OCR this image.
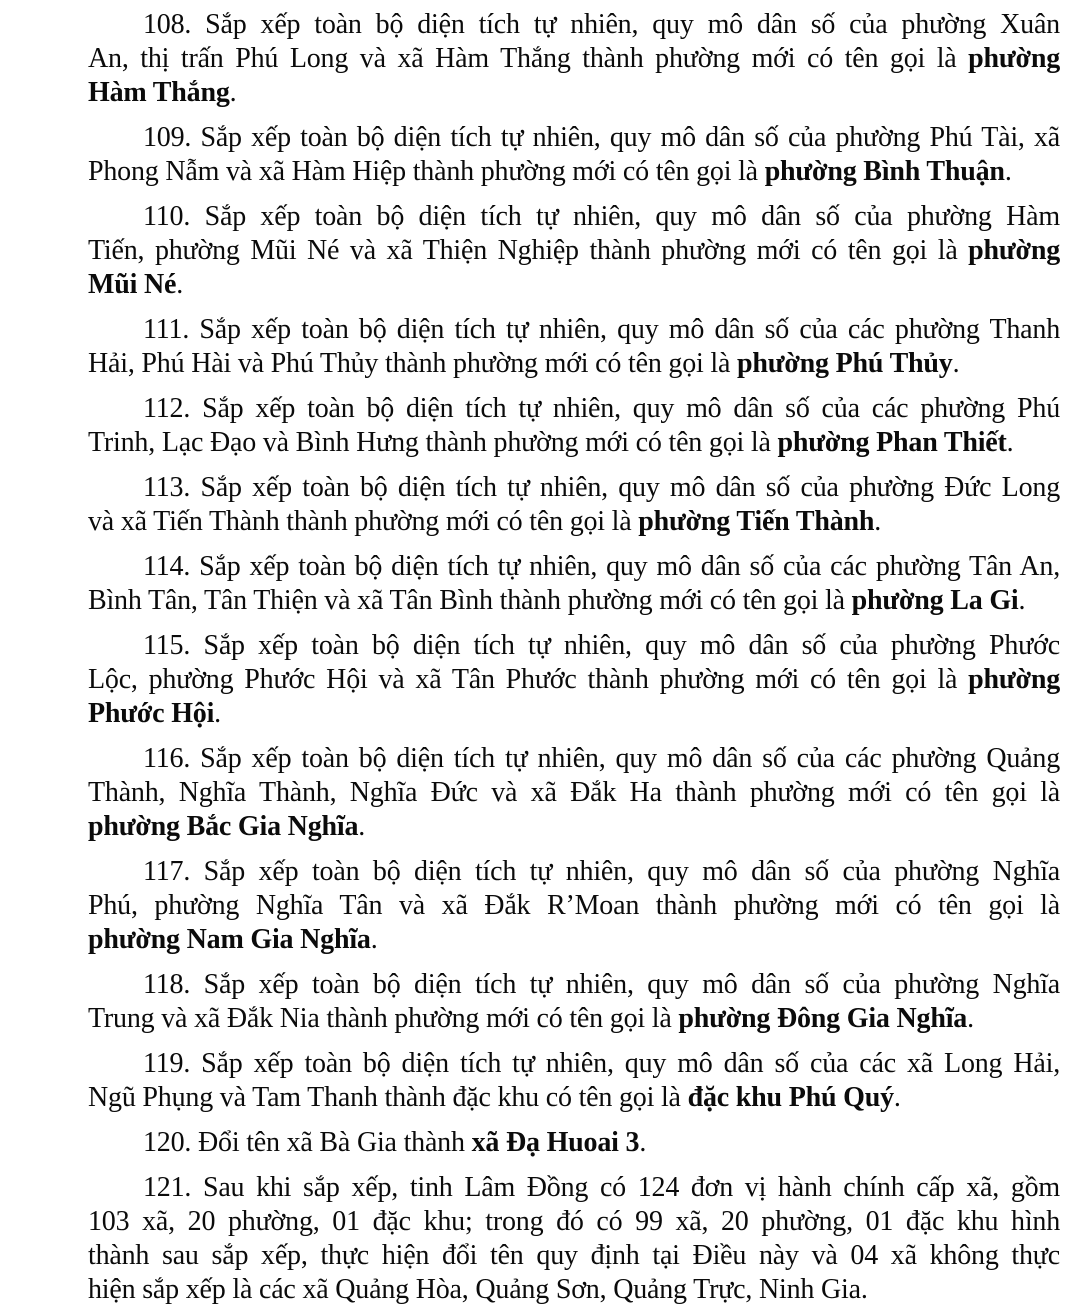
108. Sắp xếp toàn bộ diện tích tự nhiên, quy mô dân số của phường Xuân
An, thị trấn Phú Long và xã Hàm Thắng thành phường mới có tên gọi là phường
Hàm Thắng.

109. Sắp xếp toàn bộ diện tích tự nhiên, quy mô dân số của phường Phú Tài, xã
Phong Nẫm và xã Hàm Hiệp thành phường mới có tên gọi là phường Bình Thuận.

110. Sắp xếp toàn bộ diện tích tự nhiên, quy mô dân số của phường Hàm
Tiến, phường Mũi Né và xã Thiện Nghiệp thành phường mới có tên gọi là phường
Mũi Né.

111. Sắp xếp toàn bộ diện tích tự nhiên, quy mô dân số của các phường Thanh
Hải, Phú Hài và Phú Thủy thành phường mới có tên gọi là phường Phú Thủy.

112. Sắp xếp toàn bộ diện tích tự nhiên, quy mô dân số của các phường Phú
Trinh, Lạc Đạo và Bình Hưng thành phường mới có tên gọi là phường Phan Thiết.

113. Sắp xếp toàn bộ diện tích tự nhiên, quy mô dân số của phường Đức Long
và xã Tiến Thành thành phường mới có tên gọi là phường Tiến Thành.

114. Sắp xếp toàn bộ diện tích tự nhiên, quy mô dân số của các phường Tân An,
Bình Tân, Tân Thiện và xã Tân Bình thành phường mới có tên gọi là phường La Gi.

115. Sắp xếp toàn bộ diện tích tự nhiên, quy mô dân số của phường Phước
Lộc, phường Phước Hội và xã Tân Phước thành phường mới có tên gọi là phường
Phước Hội.

116. Sắp xếp toàn bộ diện tích tự nhiên, quy mô dân số của các phường Quảng
Thành, Nghĩa Thành, Nghĩa Đức và xã Đắk Ha thành phường mới có tên gọi là
phường Bắc Gia Nghĩa.

117. Sắp xếp toàn bộ diện tích tự nhiên, quy mô dân số của phường Nghĩa
Phú, phường Nghĩa Tân và xã Đắk R’Moan thành phường mới có tên gọi là
phường Nam Gia Nghĩa.

118. Sắp xếp toàn bộ diện tích tự nhiên, quy mô dân số của phường Nghĩa
Trung và xã Đắk Nia thành phường mới có tên gọi là phường Đông Gia Nghĩa.

119. Sắp xếp toàn bộ diện tích tự nhiên, quy mô dân số của các xã Long Hải,
Ngũ Phụng và Tam Thanh thành đặc khu có tên gọi là đặc khu Phú Quý.

120. Đổi tên xã Bà Gia thành xã Đạ Huoai 3.

121. Sau khi sắp xếp, tinh Lâm Đồng có 124 đơn vị hành chính cấp xã, gồm
103 xã, 20 phường, 01 đặc khu; trong đó có 99 xã, 20 phường, 01 đặc khu hình
thành sau sắp xếp, thực hiện đổi tên quy định tại Điều này và 04 xã không thực
hiện sắp xếp là các xã Quảng Hòa, Quảng Sơn, Quảng Trực, Ninh Gia.
